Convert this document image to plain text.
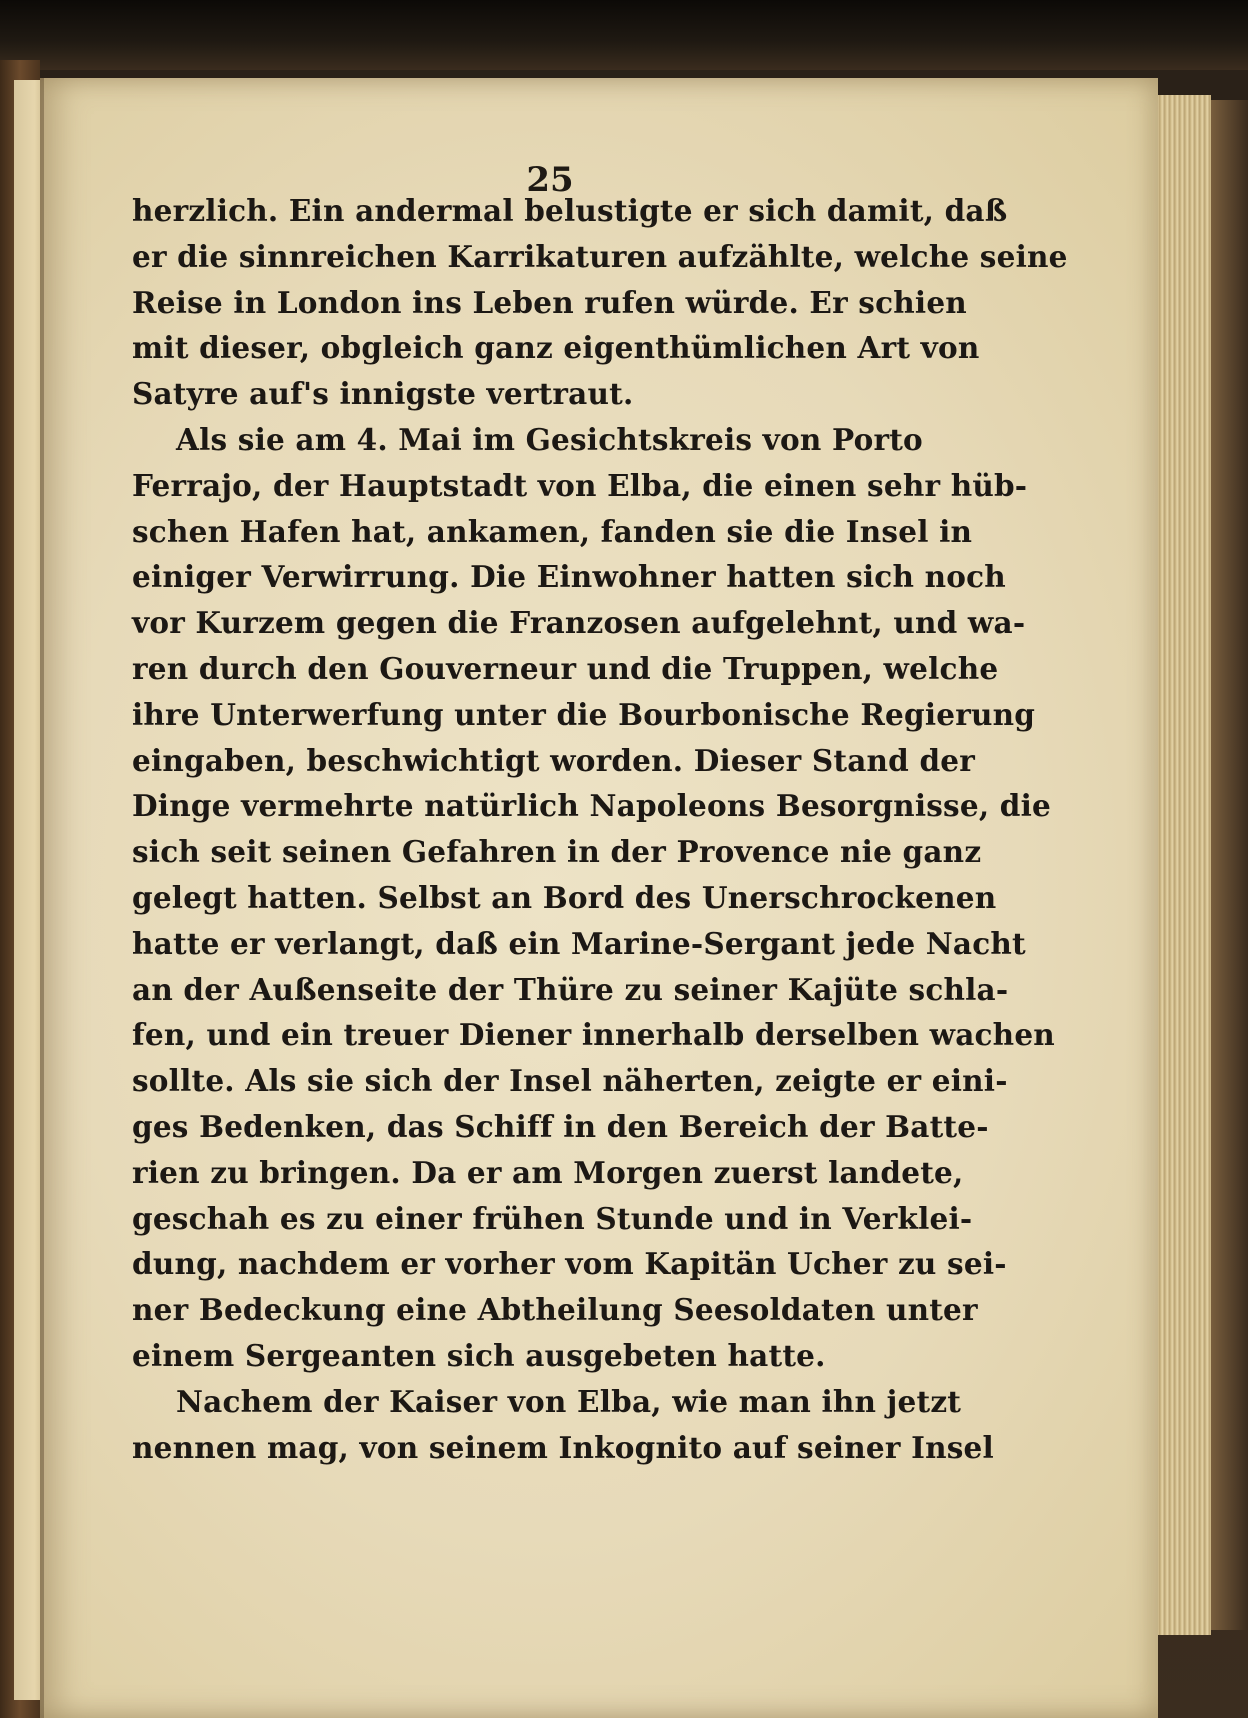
25
herzlich. Ein andermal belustigte er sich damit, daß
er die sinnreichen Karrikaturen aufzählte, welche seine
Reise in London ins Leben rufen würde. Er schien
mit dieser, obgleich ganz eigenthümlichen Art von
Satyre auf's innigste vertraut.
Als sie am 4. Mai im Gesichtskreis von Porto
Ferrajo, der Hauptstadt von Elba, die einen sehr hüb-
schen Hafen hat, ankamen, fanden sie die Insel in
einiger Verwirrung. Die Einwohner hatten sich noch
vor Kurzem gegen die Franzosen aufgelehnt, und wa-
ren durch den Gouverneur und die Truppen, welche
ihre Unterwerfung unter die Bourbonische Regierung
eingaben, beschwichtigt worden. Dieser Stand der
Dinge vermehrte natürlich Napoleons Besorgnisse, die
sich seit seinen Gefahren in der Provence nie ganz
gelegt hatten. Selbst an Bord des Unerschrockenen
hatte er verlangt, daß ein Marine-Sergant jede Nacht
an der Außenseite der Thüre zu seiner Kajüte schla-
fen, und ein treuer Diener innerhalb derselben wachen
sollte. Als sie sich der Insel näherten, zeigte er eini-
ges Bedenken, das Schiff in den Bereich der Batte-
rien zu bringen. Da er am Morgen zuerst landete,
geschah es zu einer frühen Stunde und in Verklei-
dung, nachdem er vorher vom Kapitän Ucher zu sei-
ner Bedeckung eine Abtheilung Seesoldaten unter
einem Sergeanten sich ausgebeten hatte.
Nachem der Kaiser von Elba, wie man ihn jetzt
nennen mag, von seinem Inkognito auf seiner Insel
